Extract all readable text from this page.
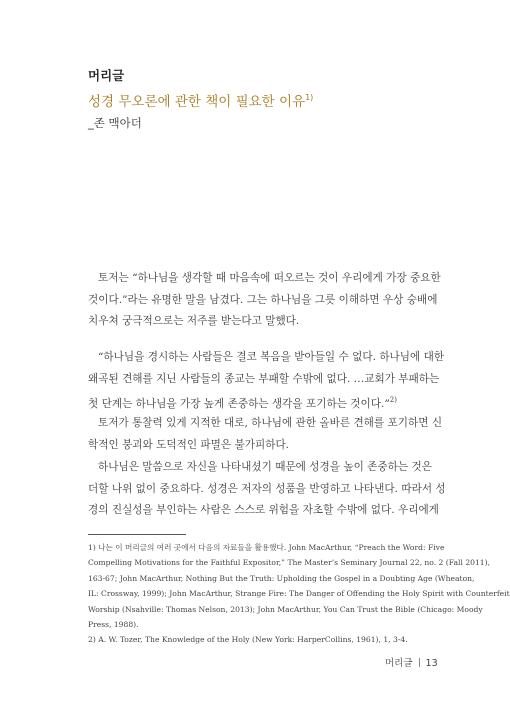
머리글
성경 무오론에 관한 책이 필요한 이유$^{1)}$
_존 맥아더
토저는 “하나님을 생각할 때 마음속에 떠오르는 것이 우리에게 가장 중요한
것이다.”라는 유명한 말을 남겼다. 그는 하나님을 그릇 이해하면 우상 숭배에
치우쳐 궁극적으로는 저주를 받는다고 말했다.
“하나님을 경시하는 사람들은 결코 복음을 받아들일 수 없다. 하나님에 대한
왜곡된 견해를 지닌 사람들의 종교는 부패할 수밖에 없다. …교회가 부패하는
첫 단계는 하나님을 가장 높게 존중하는 생각을 포기하는 것이다.”$^{2)}$
토저가 통찰력 있게 지적한 대로, 하나님에 관한 올바른 견해를 포기하면 신
학적인 붕괴와 도덕적인 파멸은 불가피하다.
하나님은 말씀으로 자신을 나타내셨기 때문에 성경을 높이 존중하는 것은
더할 나위 없이 중요하다. 성경은 저자의 성품을 반영하고 나타낸다. 따라서 성
경의 진실성을 부인하는 사람은 스스로 위험을 자초할 수밖에 없다. 우리에게
1) 나는 이 머리글의 여러 곳에서 다음의 자료들을 활용했다. John MacArthur, “Preach the Word: Five
Compelling Motivations for the Faithful Expositor,” The Master’s Seminary Journal 22, no. 2 (Fall 2011),
163-67; John MacArthur, Nothing But the Truth: Upholding the Gospel in a Doubting Age (Wheaton,
IL: Crossway, 1999); John MacArthur, Strange Fire: The Danger of Offending the Holy Spirit with Counterfeit
Worship (Nsahville: Thomas Nelson, 2013); John MacArthur, You Can Trust the Bible (Chicago: Moody
Press, 1988).
2) A. W. Tozer, The Knowledge of the Holy (New York: HarperCollins, 1961), 1, 3-4.
머리글 13
